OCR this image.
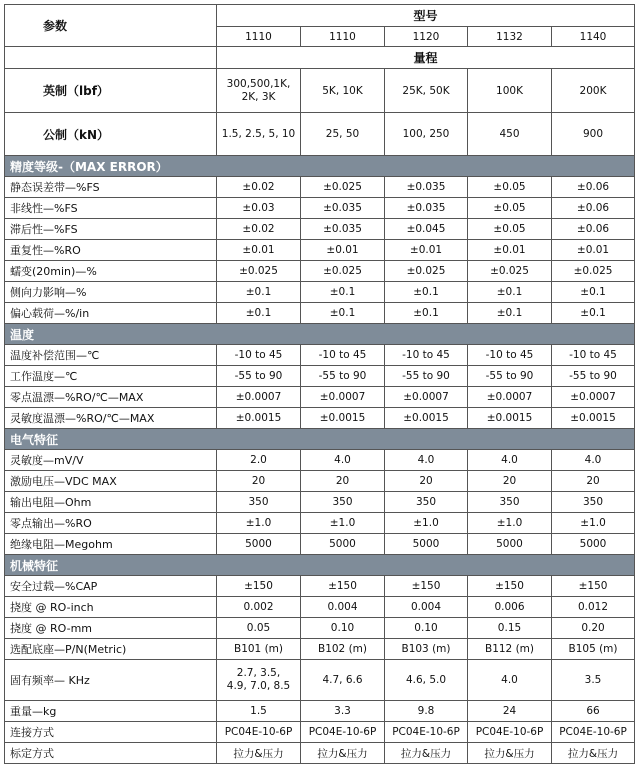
参数	型号				
	1110	1110	1120	1132	1140
	量程				
英制（lbf）	300,500,1K,
2K, 3K	5K, 10K	25K, 50K	100K	200K
公制（kN）	1.5, 2.5, 5, 10	25, 50	100, 250	450	900
精度等级-（MAX ERROR）					
静态误差带—%FS	±0.02	±0.025	±0.035	±0.05	±0.06
非线性—%FS	±0.03	±0.035	±0.035	±0.05	±0.06
滞后性—%FS	±0.02	±0.035	±0.045	±0.05	±0.06
重复性—%RO	±0.01	±0.01	±0.01	±0.01	±0.01
蠕变(20min)—%	±0.025	±0.025	±0.025	±0.025	±0.025
侧向力影响—%	±0.1	±0.1	±0.1	±0.1	±0.1
偏心载荷—%/in	±0.1	±0.1	±0.1	±0.1	±0.1
温度					
温度补偿范围—℃	-10 to 45	-10 to 45	-10 to 45	-10 to 45	-10 to 45
工作温度—℃	-55 to 90	-55 to 90	-55 to 90	-55 to 90	-55 to 90
零点温漂—%RO/℃—MAX	±0.0007	±0.0007	±0.0007	±0.0007	±0.0007
灵敏度温漂—%RO/℃—MAX	±0.0015	±0.0015	±0.0015	±0.0015	±0.0015
电气特征					
灵敏度—mV/V	2.0	4.0	4.0	4.0	4.0
激励电压—VDC MAX	20	20	20	20	20
输出电阻—Ohm	350	350	350	350	350
零点输出—%RO	±1.0	±1.0	±1.0	±1.0	±1.0
绝缘电阻—Megohm	5000	5000	5000	5000	5000
机械特征					
安全过载—%CAP	±150	±150	±150	±150	±150
挠度 @ RO-inch	0.002	0.004	0.004	0.006	0.012
挠度 @ RO-mm	0.05	0.10	0.10	0.15	0.20
选配底座—P/N(Metric)	B101 (m)	B102 (m)	B103 (m)	B112 (m)	B105 (m)
固有频率— KHz	2.7, 3.5,
4.9, 7.0, 8.5	4.7, 6.6	4.6, 5.0	4.0	3.5
重量—kg	1.5	3.3	9.8	24	66
连接方式	PC04E-10-6P	PC04E-10-6P	PC04E-10-6P	PC04E-10-6P	PC04E-10-6P
标定方式	拉力&压力	拉力&压力	拉力&压力	拉力&压力	拉力&压力
